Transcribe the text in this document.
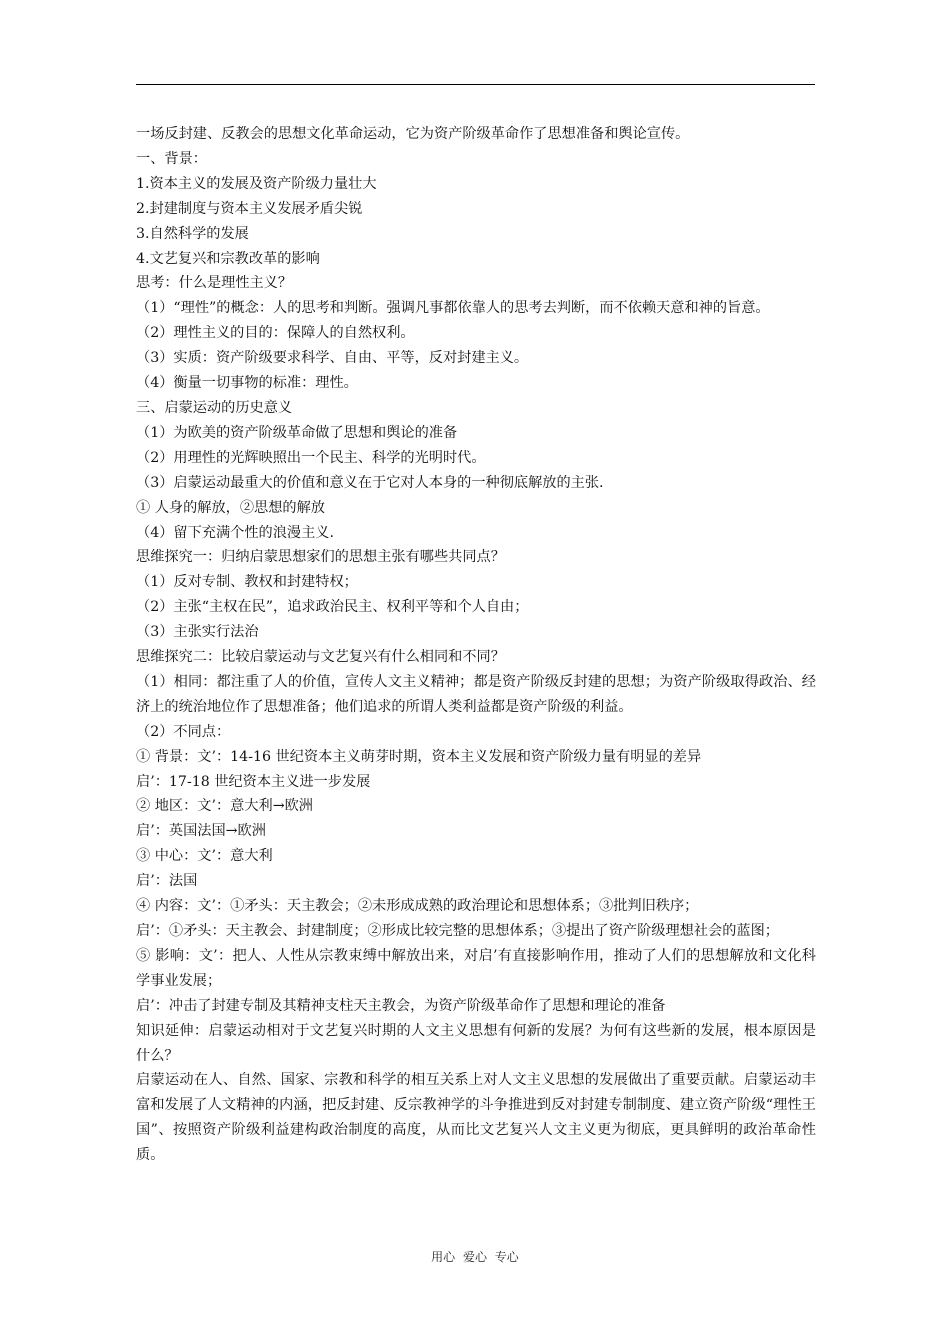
一场反封建、反教会的思想文化革命运动，它为资产阶级革命作了思想准备和舆论宣传。

一、背景：

1.资本主义的发展及资产阶级力量壮大

2.封建制度与资本主义发展矛盾尖锐

3.自然科学的发展

4.文艺复兴和宗教改革的影响

思考：什么是理性主义？

（1）“理性”的概念：人的思考和判断。强调凡事都依靠人的思考去判断，而不依赖天意和神的旨意。

（2）理性主义的目的：保障人的自然权利。

（3）实质：资产阶级要求科学、自由、平等，反对封建主义。

（4）衡量一切事物的标准：理性。

三、启蒙运动的历史意义

（1）为欧美的资产阶级革命做了思想和舆论的准备

（2）用理性的光辉映照出一个民主、科学的光明时代。

（3）启蒙运动最重大的价值和意义在于它对人本身的一种彻底解放的主张.

① 人身的解放，②思想的解放

（4）留下充满个性的浪漫主义.

思维探究一：归纳启蒙思想家们的思想主张有哪些共同点？

（1）反对专制、教权和封建特权；

（2）主张“主权在民”，追求政治民主、权利平等和个人自由；

（3）主张实行法治

思维探究二：比较启蒙运动与文艺复兴有什么相同和不同？

（1）相同：都注重了人的价值，宣传人文主义精神；都是资产阶级反封建的思想；为资产阶级取得政治、经济上的统治地位作了思想准备；他们追求的所谓人类利益都是资产阶级的利益。

（2）不同点：

① 背景：文’：14-16 世纪资本主义萌芽时期，资本主义发展和资产阶级力量有明显的差异

启’：17-18 世纪资本主义进一步发展

② 地区：文’：意大利→欧洲

启’：英国法国→欧洲

③ 中心：文’：意大利

启’：法国

④ 内容：文’：①矛头：天主教会；②未形成成熟的政治理论和思想体系；③批判旧秩序；

启’：①矛头：天主教会、封建制度；②形成比较完整的思想体系；③提出了资产阶级理想社会的蓝图；

⑤ 影响：文’：把人、人性从宗教束缚中解放出来，对启’有直接影响作用，推动了人们的思想解放和文化科学事业发展；

启’：冲击了封建专制及其精神支柱天主教会，为资产阶级革命作了思想和理论的准备

知识延伸：启蒙运动相对于文艺复兴时期的人文主义思想有何新的发展？为何有这些新的发展，根本原因是什么？

启蒙运动在人、自然、国家、宗教和科学的相互关系上对人文主义思想的发展做出了重要贡献。启蒙运动丰富和发展了人文精神的内涵，把反封建、反宗教神学的斗争推进到反对封建专制制度、建立资产阶级“理性王国”、按照资产阶级利益建构政治制度的高度，从而比文艺复兴人文主义更为彻底，更具鲜明的政治革命性质。

用心 爱心 专心
